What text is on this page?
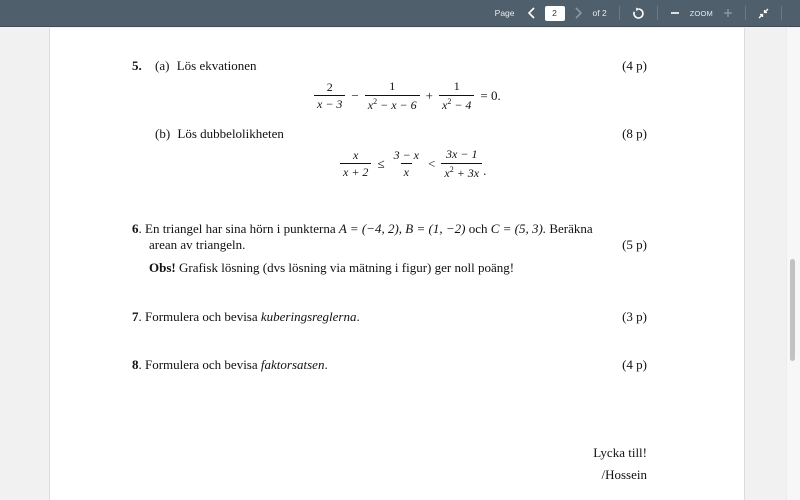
Page
2	of 2	ZOOM
5. (a) Lös ekvationen	(4 p)
$\frac{2}{x - 3} - \frac{1}{x^2 - x - 6} + \frac{1}{x^2 - 4} = 0$.
(b) Lös dubbelolikheten	(8 p)
$\frac{x}{x + 2} \le \frac{3 - x}{x} < \frac{3x - 1}{x^2 + 3x}$ .
6. En triangel har sina hörn i punkterna A = (−4, 2), B = (1, −2) och C = (5, 3). Beräkna
arean av triangeln.	(5 p)
Obs! Grafisk lösning (dvs lösning via mätning i figur) ger noll poäng!
7. Formulera och bevisa kuberingsreglerna.	(3 p)
8. Formulera och bevisa faktorsatsen.	(4 p)
Lycka till!
/Hossein
